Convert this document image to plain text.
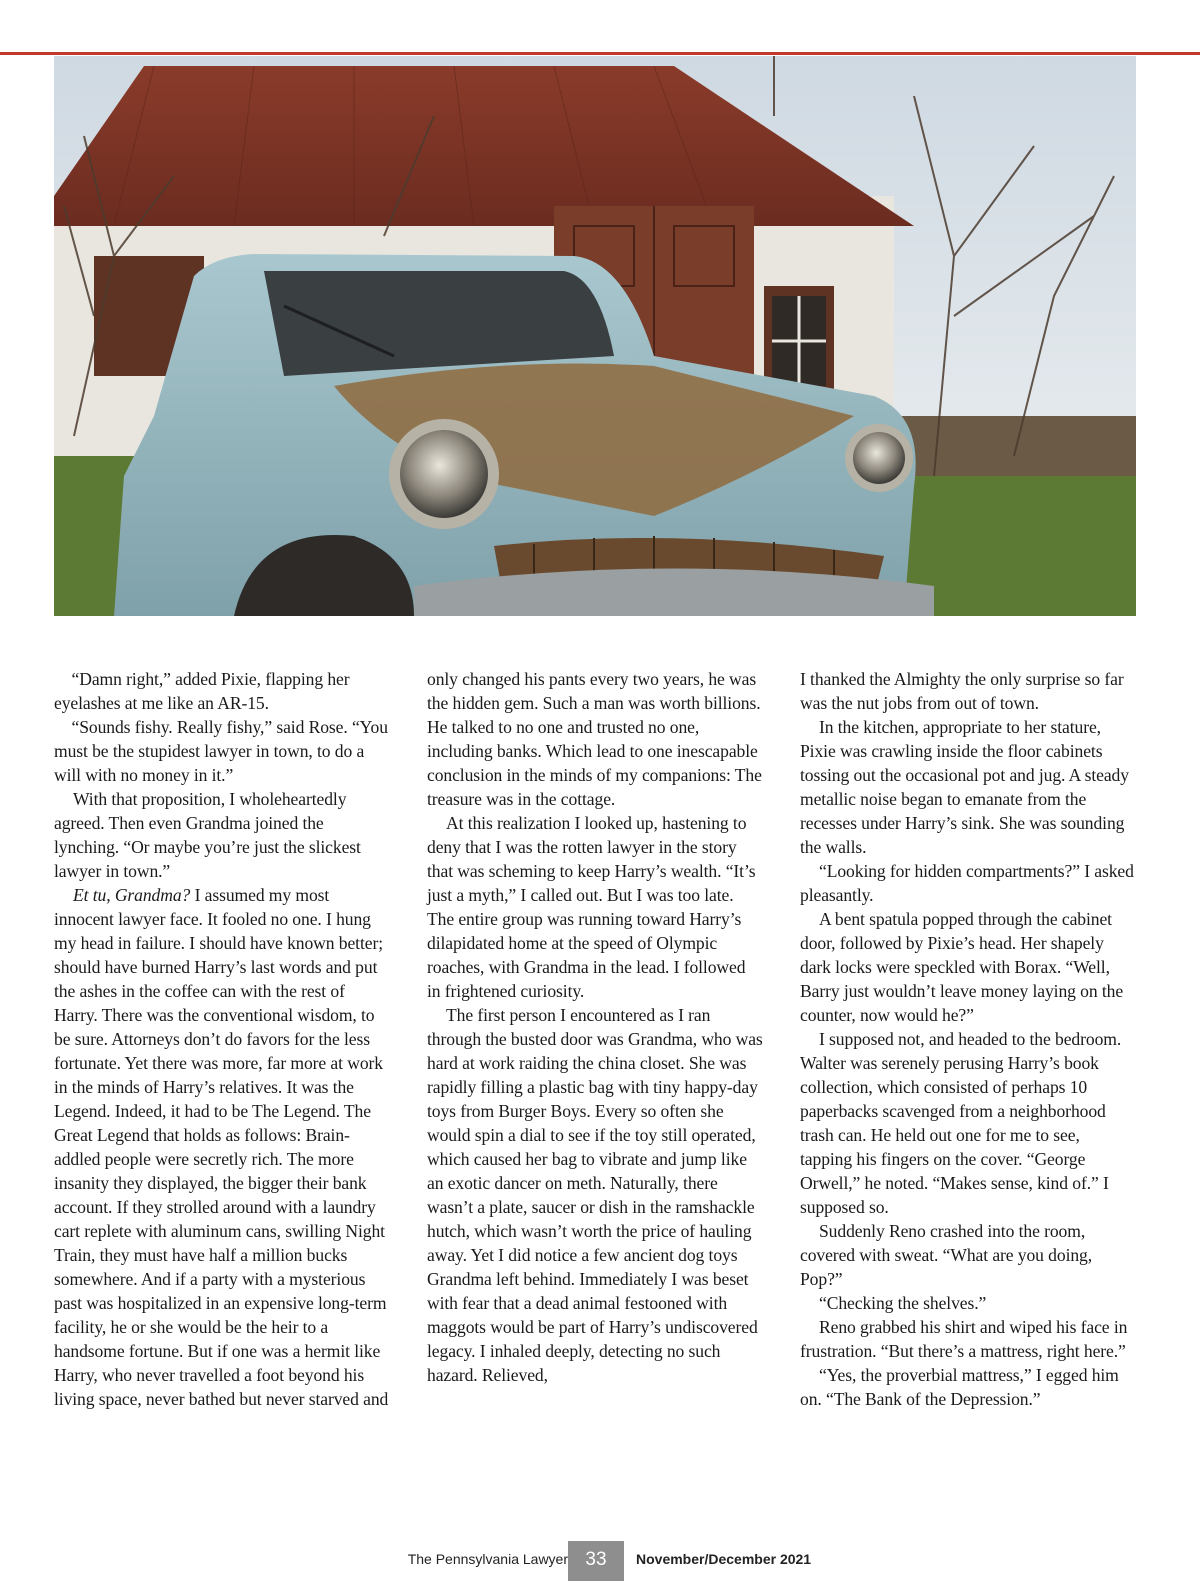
 “Damn right,” added Pixie, flapping her eyelashes at me like an AR-15.

 “Sounds fishy. Really fishy,” said Rose. “You must be the stupidest lawyer in town, to do a will with no money in it.”

With that proposition, I wholeheartedly agreed. Then even Grandma joined the lynching. “Or maybe you’re just the slickest lawyer in town.”

Et tu, Grandma? I assumed my most innocent lawyer face. It fooled no one. I hung my head in failure. I should have known better; should have burned Harry’s last words and put the ashes in the coffee can with the rest of Harry. There was the conventional wisdom, to be sure. Attorneys don’t do favors for the less fortunate. Yet there was more, far more at work in the minds of Harry’s relatives. It was the Legend. Indeed, it had to be The Legend. The Great Legend that holds as follows: Brain-addled people were secretly rich. The more insanity they displayed, the bigger their bank account. If they strolled around with a laundry cart replete with aluminum cans, swilling Night Train, they must have half a million bucks somewhere. And if a party with a mysterious past was hospitalized in an expensive long-term facility, he or she would be the heir to a handsome fortune. But if one was a hermit like Harry, who never travelled a foot beyond his living space, never bathed but never starved and

only changed his pants every two years, he was the hidden gem. Such a man was worth billions. He talked to no one and trusted no one, including banks. Which lead to one inescapable conclusion in the minds of my companions: The treasure was in the cottage.

At this realization I looked up, hastening to deny that I was the rotten lawyer in the story that was scheming to keep Harry’s wealth. “It’s just a myth,” I called out. But I was too late. The entire group was running toward Harry’s dilapidated home at the speed of Olympic roaches, with Grandma in the lead. I followed in frightened curiosity.

The first person I encountered as I ran through the busted door was Grandma, who was hard at work raiding the china closet. She was rapidly filling a plastic bag with tiny happy-day toys from Burger Boys. Every so often she would spin a dial to see if the toy still operated, which caused her bag to vibrate and jump like an exotic dancer on meth. Naturally, there wasn’t a plate, saucer or dish in the ramshackle hutch, which wasn’t worth the price of hauling away. Yet I did notice a few ancient dog toys Grandma left behind. Immediately I was beset with fear that a dead animal festooned with maggots would be part of Harry’s undiscovered legacy. I inhaled deeply, detecting no such hazard. Relieved,

I thanked the Almighty the only surprise so far was the nut jobs from out of town.

In the kitchen, appropriate to her stature, Pixie was crawling inside the floor cabinets tossing out the occasional pot and jug. A steady metallic noise began to emanate from the recesses under Harry’s sink. She was sounding the walls.

“Looking for hidden compartments?” I asked pleasantly.

A bent spatula popped through the cabinet door, followed by Pixie’s head. Her shapely dark locks were speckled with Borax. “Well, Barry just wouldn’t leave money laying on the counter, now would he?”

I supposed not, and headed to the bedroom. Walter was serenely perusing Harry’s book collection, which consisted of perhaps 10 paperbacks scavenged from a neighborhood trash can. He held out one for me to see, tapping his fingers on the cover. “George Orwell,” he noted. “Makes sense, kind of.” I supposed so.

Suddenly Reno crashed into the room, covered with sweat. “What are you doing, Pop?”

“Checking the shelves.”

Reno grabbed his shirt and wiped his face in frustration. “But there’s a mattress, right here.”

“Yes, the proverbial mattress,” I egged him on. “The Bank of the Depression.”

The Pennsylvania Lawyer 33	November/December 2021
